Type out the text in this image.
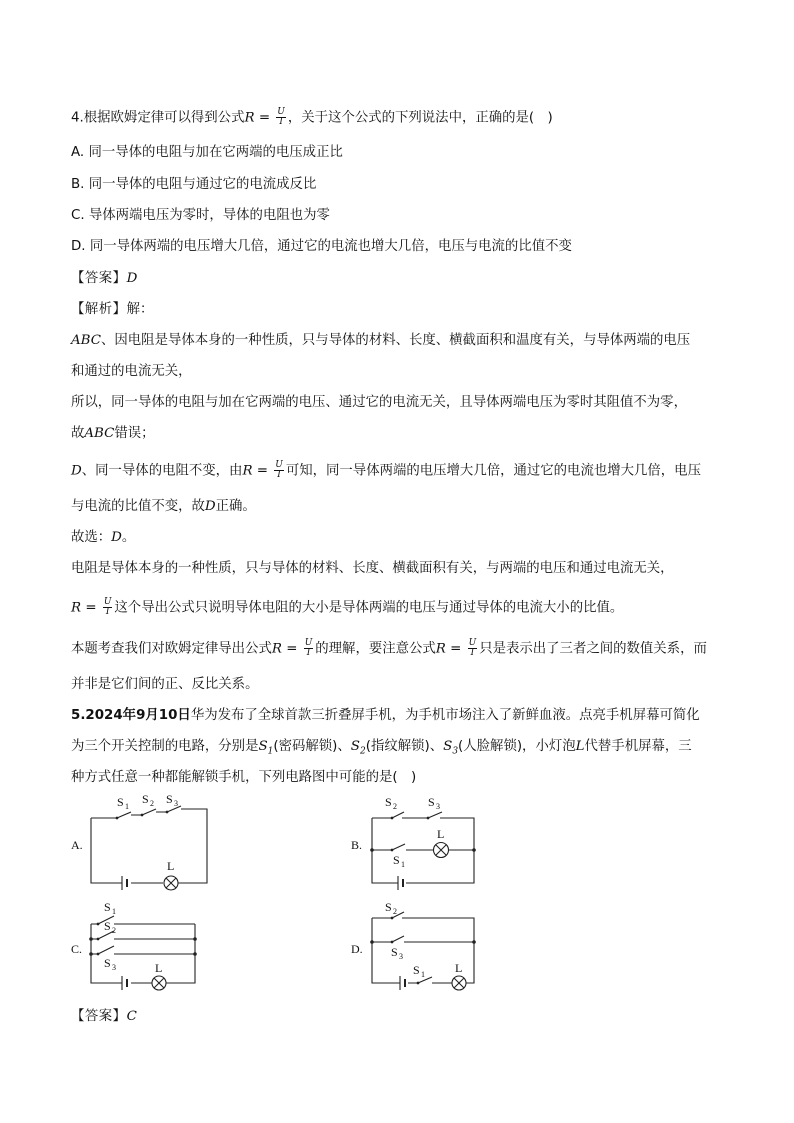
4.根据欧姆定律可以得到公式$R = \frac{U}{I}$ ，关于这个公式的下列说法中，正确的是(　)
A. 同一导体的电阻与加在它两端的电压成正比
B. 同一导体的电阻与通过它的电流成反比
C. 导体两端电压为零时，导体的电阻也为零
D. 同一导体两端的电压增大几倍，通过它的电流也增大几倍，电压与电流的比值不变
【答案】D
【解析】解：
ABC、因电阻是导体本身的一种性质，只与导体的材料、长度、横截面积和温度有关，与导体两端的电压
和通过的电流无关，
所以，同一导体的电阻与加在它两端的电压、通过它的电流无关，且导体两端电压为零时其阻值不为零，
故ABC错误；
D、同一导体的电阻不变，由$R = \frac{U}{I}$ 可知，同一导体两端的电压增大几倍，通过它的电流也增大几倍，电压
与电流的比值不变，故D正确。
故选：D。
电阻是导体本身的一种性质，只与导体的材料、长度、横截面积有关，与两端的电压和通过电流无关，
$R = \frac{U}{I}$ 这个导出公式只说明导体电阻的大小是导体两端的电压与通过导体的电流大小的比值。
本题考查我们对欧姆定律导出公式$R = \frac{U}{I}$ 的理解，要注意公式$R = \frac{U}{I}$ 只是表示出了三者之间的数值关系，而
并非是它们间的正、反比关系。
5.2024年9月10日华为发布了全球首款三折叠屏手机，为手机市场注入了新鲜血液。点亮手机屏幕可简化
为三个开关控制的电路，分别是$S_1$(密码解锁)、$S_2$(指纹解锁)、$S_3$(人脸解锁)，小灯泡L代替手机屏幕，三
种方式任意一种都能解锁手机，下列电路图中可能的是(　)
A.
S 1
S 2 S 3
L
B.
S 2	S 3
S 1
L
C.
S 1
S 2
S 3	L
D.
S 2
S 3
S 1	L
【答案】C
